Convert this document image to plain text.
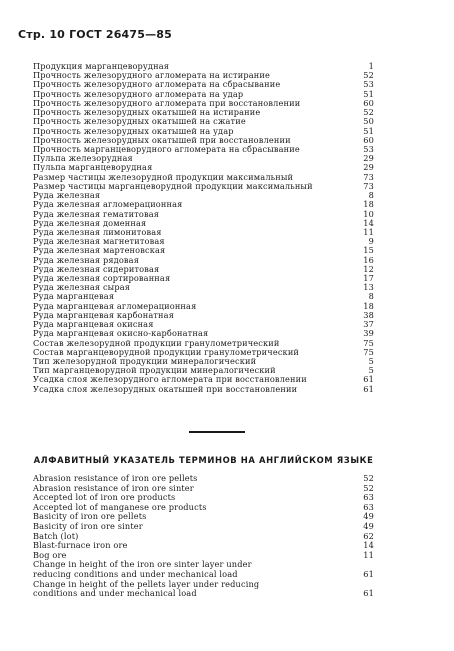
Стр. 10 ГОСТ 26475—85
Продукция марганцеворудная	1
Прочность железорудного агломерата на истирание	52
Прочность железорудного агломерата на сбрасывание	53
Прочность железорудного агломерата на удар	51
Прочность железорудного агломерата при восстановлении	60
Прочность железорудных окатышей на истирание	52
Прочность железорудных окатышей на сжатие	50
Прочность железорудных окатышей на удар	51
Прочность железорудных окатышей при восстановлении	60
Прочность марганцеворудного агломерата на сбрасывание	53
Пульпа железорудная	29
Пульпа марганцеворудная	29
Размер частицы железорудной продукции максимальный	73
Размер частицы марганцеворудной продукции максимальный	73
Руда железная	8
Руда железная агломерационная	18
Руда железная гематитовая	10
Руда железная доменная	14
Руда железная лимонитовая	11
Руда железная магнетитовая	9
Руда железная мартеновская	15
Руда железная рядовая	16
Руда железная сидеритовая	12
Руда железная сортированная	17
Руда железная сырая	13
Руда марганцевая	8
Руда марганцевая агломерационная	18
Руда марганцевая карбонатная	38
Руда марганцевая окисная	37
Руда марганцевая окисно-карбонатная	39
Состав железорудной продукции гранулометрический	75
Состав марганцеворудной продукции гранулометрический	75
Тип железорудной продукции минералогический	5
Тип марганцеворудной продукции минералогический	5
Усадка слоя железорудного агломерата при восстановлении	61
Усадка слоя железорудных окатышей при восстановлении	61
АЛФАВИТНЫЙ УКАЗАТЕЛЬ ТЕРМИНОВ НА АНГЛИЙСКОМ ЯЗЫКЕ
Abrasion resistance of iron ore pellets	52
Abrasion resistance of iron ore sinter	52
Accepted lot of iron ore products	63
Accepted lot of manganese ore products	63
Basicity of iron ore pellets	49
Basicity of iron ore sinter	49
Batch (lot)	62
Blast-furnace iron ore	14
Bog ore	11
Change in height of the iron ore sinter layer under
reducing conditions and under mechanical load	61
Change in height of the pellets layer under reducing
conditions and under mechanical load	61
